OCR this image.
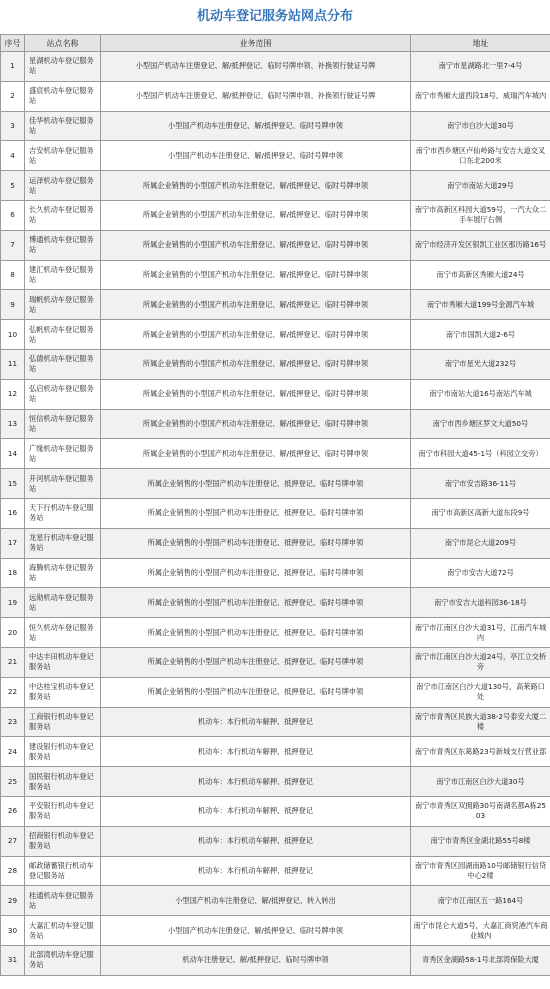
机动车登记服务站网点分布
序号	站点名称	业务范围	地址
1	星湖机动车登记服务站	小型国产机动车注册登记、解/抵押登记、临时号牌申领、补换领行驶证号牌	南宁市星湖路北一里7-4号
2	盛宸机动车登记服务站	小型国产机动车注册登记、解/抵押登记、临时号牌申领、补换领行驶证号牌	南宁市秀厢大道西段18号，威瑞汽车城内
3	佳华机动车登记服务站	小型国产机动车注册登记、解/抵押登记、临时号牌申领	南宁市白沙大道30号
4	吉安机动车登记服务站	小型国产机动车注册登记、解/抵押登记、临时号牌申领	南宁市西乡塘区卢仙岭路与安吉大道交叉口东北200米
5	运泽机动车登记服务站	所属企业销售的小型国产机动车注册登记、解/抵押登记、临时号牌申领	南宁市南站大道29号
6	长久机动车登记服务站	所属企业销售的小型国产机动车注册登记、解/抵押登记、临时号牌申领	南宁市高新区科园大道59号，一汽大众二手车展厅右侧
7	博通机动车登记服务站	所属企业销售的小型国产机动车注册登记、解/抵押登记、临时号牌申领	南宁市经济开发区银凯工业区那历路16号
8	建汇机动车登记服务站	所属企业销售的小型国产机动车注册登记、解/抵押登记、临时号牌申领	南宁市高新区秀厢大道24号
9	瑞帆机动车登记服务站	所属企业销售的小型国产机动车注册登记、解/抵押登记、临时号牌申领	南宁市秀厢大道199号金源汽车城
10	弘帆机动车登记服务站	所属企业销售的小型国产机动车注册登记、解/抵押登记、临时号牌申领	南宁市国凯大道2-6号
11	弘德机动车登记服务站	所属企业销售的小型国产机动车注册登记、解/抵押登记、临时号牌申领	南宁市星光大道232号
12	弘启机动车登记服务站	所属企业销售的小型国产机动车注册登记、解/抵押登记、临时号牌申领	南宁市南站大道16号南站汽车城
13	恒信机动车登记服务站	所属企业销售的小型国产机动车注册登记、解/抵押登记、临时号牌申领	南宁市西乡塘区罗文大道50号
14	广缘机动车登记服务站	所属企业销售的小型国产机动车注册登记、解/抵押登记、临时号牌申领	南宁市科园大道45-1号（科园立交旁）
15	开河机动车登记服务站	所属企业销售的小型国产机动车注册登记、抵押登记、临时号牌申领	南宁市安吉路36-11号
16	天下行机动车登记服务站	所属企业销售的小型国产机动车注册登记、抵押登记、临时号牌申领	南宁市高新区高新大道东段9号
17	龙星行机动车登记服务站	所属企业销售的小型国产机动车注册登记、抵押登记、临时号牌申领	南宁市昆仑大道209号
18	海腾机动车登记服务站	所属企业销售的小型国产机动车注册登记、抵押登记、临时号牌申领	南宁市安吉大道72号
19	远勋机动车登记服务站	所属企业销售的小型国产机动车注册登记、抵押登记、临时号牌申领	南宁市安吉大道科园36-18号
20	恒久机动车登记服务站	所属企业销售的小型国产机动车注册登记、抵押登记、临时号牌申领	南宁市江南区白沙大道31号，江南汽车城内
21	中达丰田机动车登记服务站	所属企业销售的小型国产机动车注册登记、抵押登记、临时号牌申领	南宁市江南区白沙大道24号，亭江立交桥旁
22	中达桂宝机动车登记服务站	所属企业销售的小型国产机动车注册登记、抵押登记、临时号牌申领	南宁市江南区白沙大道130号，高莱路口处
23	工商银行机动车登记服务站	机动车：本行机动车解押、抵押登记	南宁市青秀区民族大道38-2号泰安大厦二楼
24	建设银行机动车登记服务站	机动车：本行机动车解押、抵押登记	南宁市青秀区东葛路23号新城支行营业部
25	国民银行机动车登记服务站	机动车：本行机动车解押、抵押登记	南宁市江南区白沙大道30号
26	平安银行机动车登记服务站	机动车：本行机动车解押、抵押登记	南宁市青秀区双拥路30号南湖名都A栋2503
27	招商银行机动车登记服务站	机动车：本行机动车解押、抵押登记	南宁市青秀区金湖北路55号8楼
28	邮政储蓄银行机动车登记服务站	机动车：本行机动车解押、抵押登记	南宁市青秀区园湖南路10号邮储银行信贷中心2楼
29	桂通机动车登记服务站	小型国产机动车注册登记、解/抵押登记、转入转出	南宁市江南区五一路164号
30	大嘉汇机动车登记服务站	小型国产机动车注册登记、解/抵押登记、临时号牌申领	南宁市昆仑大道5号，大嘉汇商贸港汽车商业城内
31	北部湾机动车登记服务站	机动车注册登记、解/抵押登记、临时号牌申领	青秀区金湖路58-1号北部湾保险大厦
